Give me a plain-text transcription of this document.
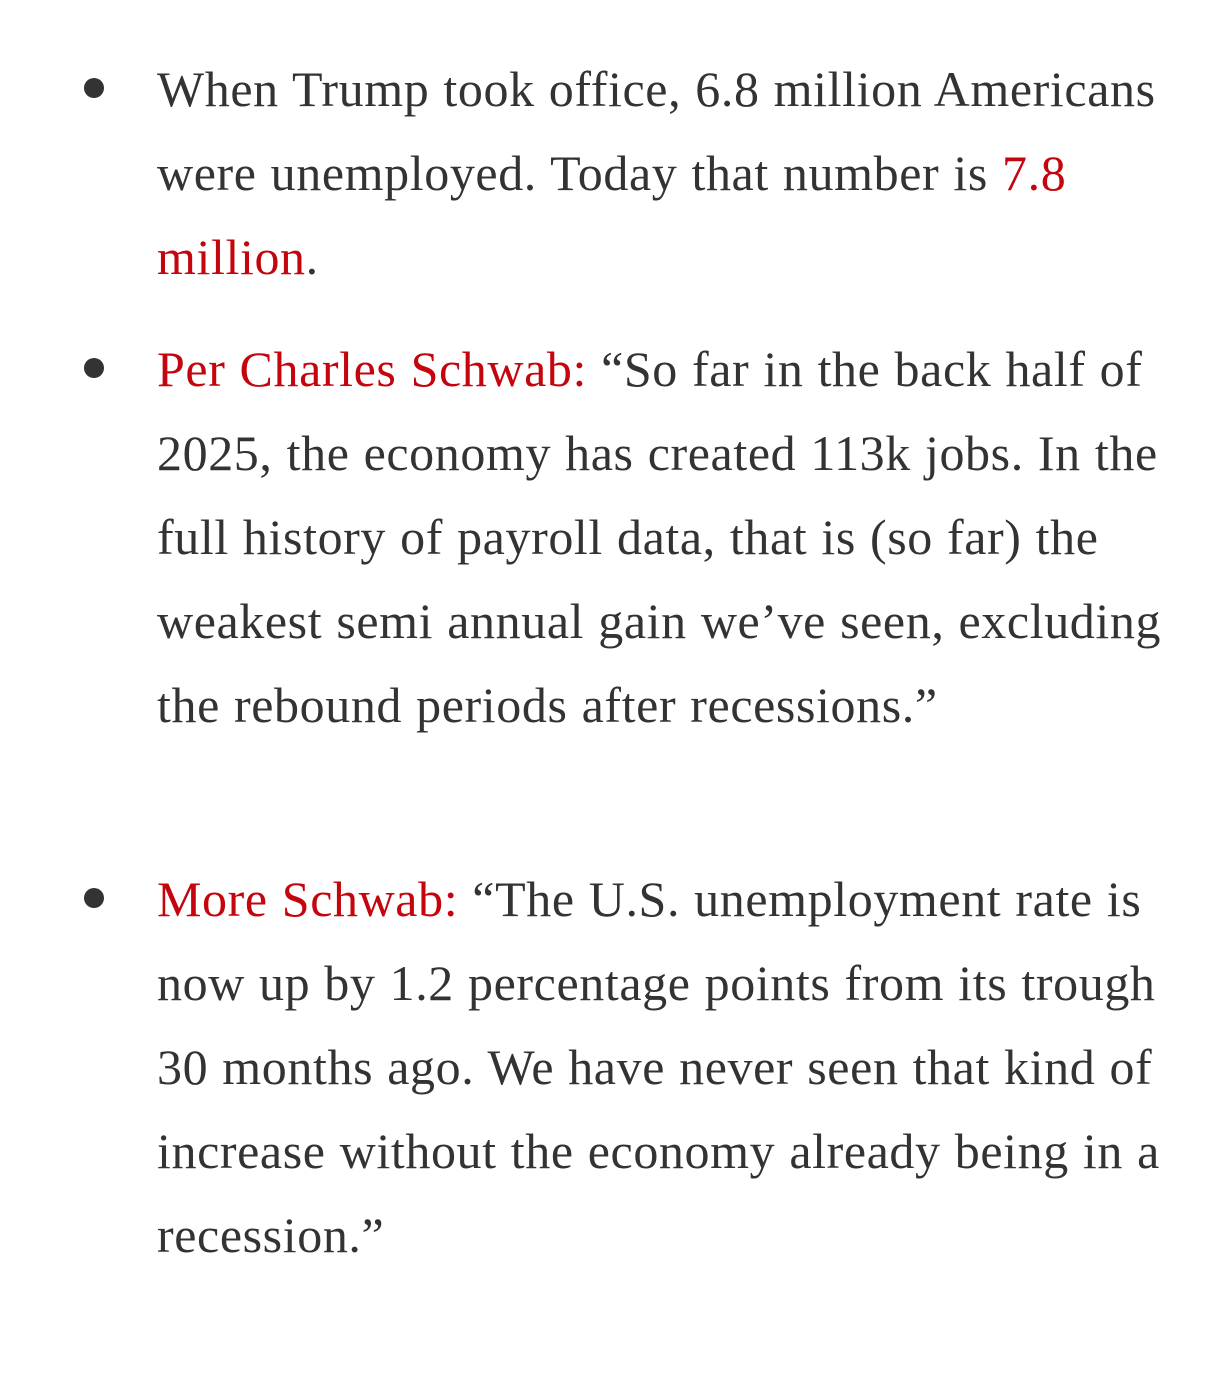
When Trump took office, 6.8 million Americans were unemployed. Today that number is 7.8 million.

Per Charles Schwab: “So far in the back half of 2025, the economy has created 113k jobs. In the full history of payroll data, that is (so far) the weakest semi annual gain we’ve seen, excluding the rebound periods after recessions.”

More Schwab: “The U.S. unemployment rate is now up by 1.2 percentage points from its trough 30 months ago. We have never seen that kind of increase without the economy already being in a recession.”
